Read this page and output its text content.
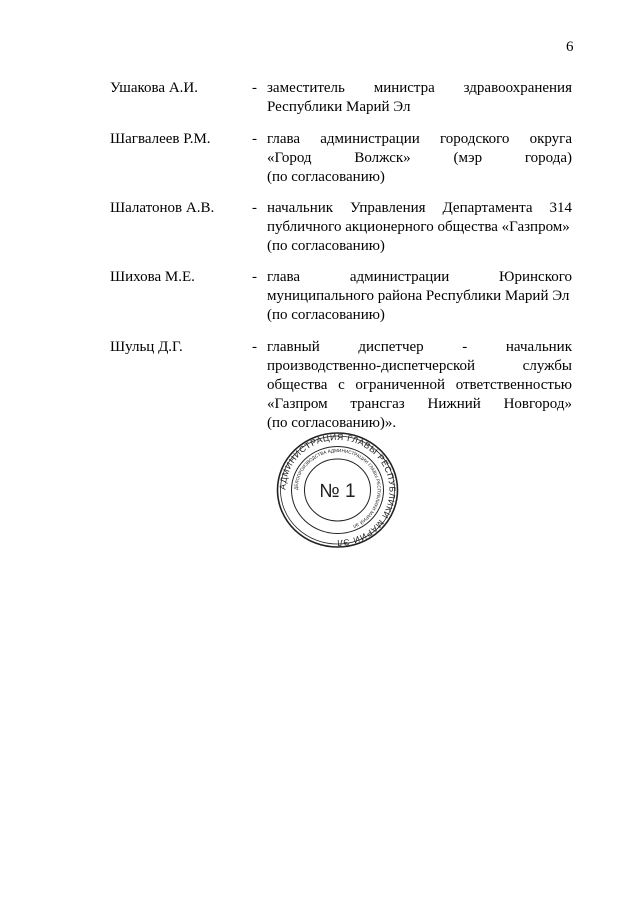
6
Ушакова А.И.	- заместитель министра здравоохранения
Республики Марий Эл
Шагвалеев Р.М.	- глава администрации городского округа
«Город Волжск» (мэр города)
(по согласованию)
Шалатонов А.В.	- начальник Управления Департамента 314
публичного акционерного общества «Газпром»
(по согласованию)
Шихова М.Е.	- глава администрации Юринского
муниципального района Республики Марий Эл
(по согласованию)
Шульц Д.Г.	- главный диспетчер - начальник
производственно-диспетчерской службы
общества с ограниченной ответственностью
«Газпром трансгаз Нижний Новгород»
(по согласованию)».
АДМИНИСТРАЦИЯ ГЛАВЫ РЕСПУБЛИКИ МАРИЙ ЭЛ
ДЕЛОПРОИЗВОДСТВА АДМИНИСТРАЦИИ ГЛАВЫ РЕСПУБЛИКИ МАРИЙ ЭЛ
№ 1
